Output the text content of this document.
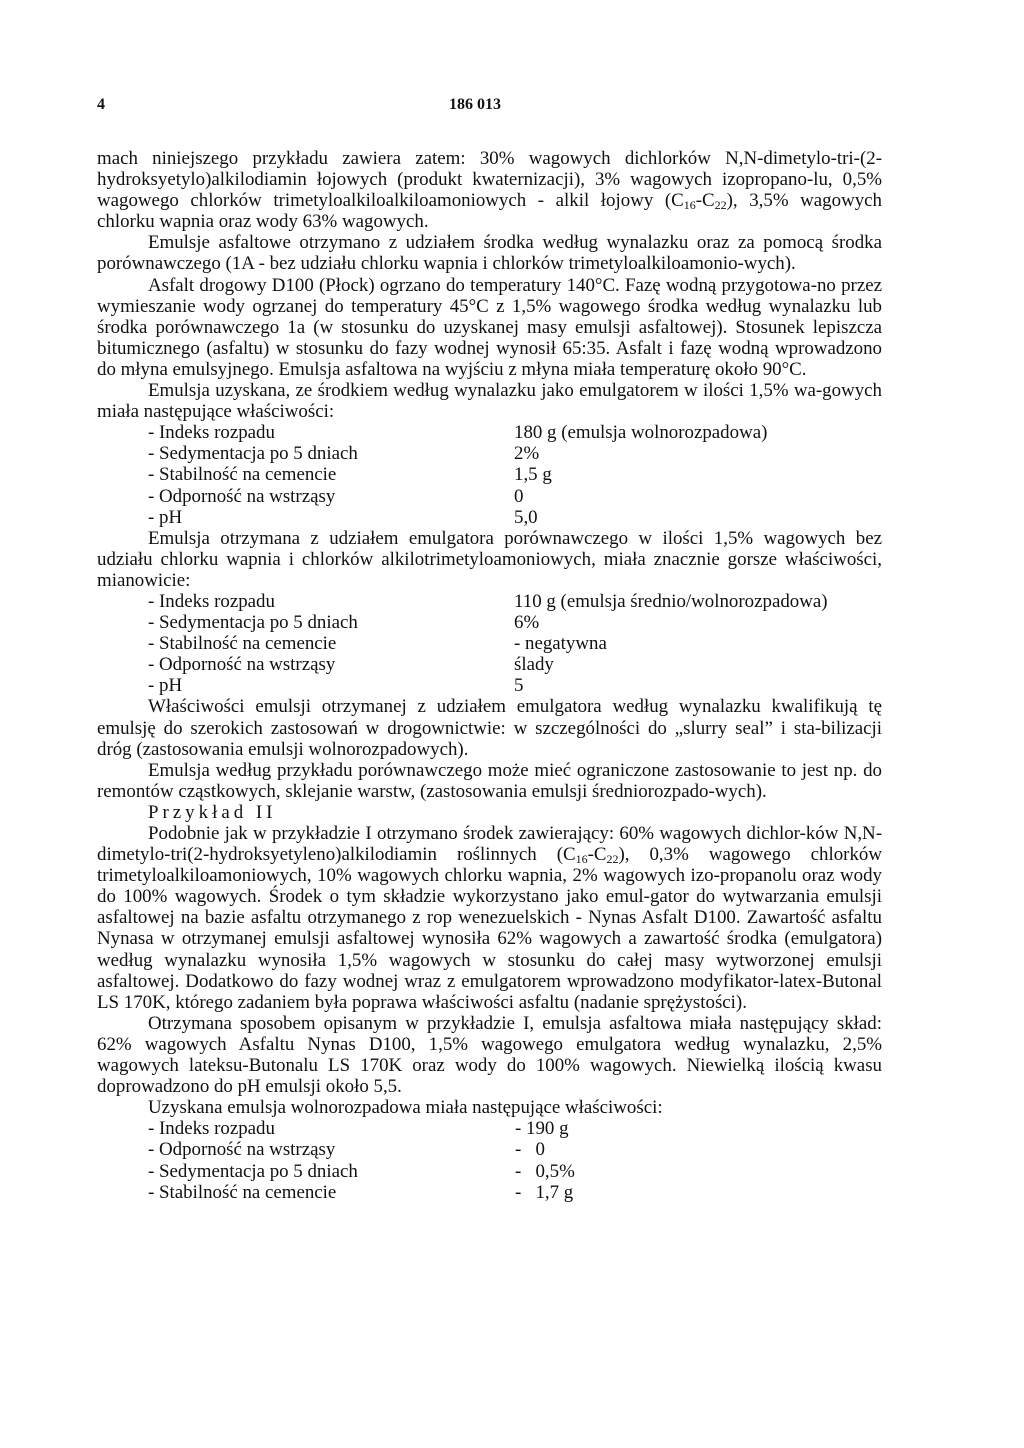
4	186 013

mach niniejszego przykładu zawiera zatem: 30% wagowych dichlorków N,N-dimetylo-tri-(2-hydroksyetylo)alkilodiamin łojowych (produkt kwaternizacji), 3% wagowych izopropano-lu, 0,5% wagowego chlorków trimetyloalkiloalkiloamoniowych - alkil łojowy $(C_{16}-C_{22})$, 3,5% wagowych chlorku wapnia oraz wody 63% wagowych.

Emulsje asfaltowe otrzymano z udziałem środka według wynalazku oraz za pomocą środka porównawczego (1A - bez udziału chlorku wapnia i chlorków trimetyloalkiloamonio-wych).

Asfalt drogowy D100 (Płock) ogrzano do temperatury 140°C. Fazę wodną przygotowa-no przez wymieszanie wody ogrzanej do temperatury 45°C z 1,5% wagowego środka według wynalazku lub środka porównawczego 1a (w stosunku do uzyskanej masy emulsji asfaltowej). Stosunek lepiszcza bitumicznego (asfaltu) w stosunku do fazy wodnej wynosił 65:35. Asfalt i fazę wodną wprowadzono do młyna emulsyjnego. Emulsja asfaltowa na wyjściu z młyna miała temperaturę około 90°C.

Emulsja uzyskana, ze środkiem według wynalazku jako emulgatorem w ilości 1,5% wa-gowych miała następujące właściwości:

- Indeks rozpadu	180 g (emulsja wolnorozpadowa)
- Sedymentacja po 5 dniach	2%
- Stabilność na cemencie	1,5 g
- Odporność na wstrząsy	0
- pH	5,0

Emulsja otrzymana z udziałem emulgatora porównawczego w ilości 1,5% wagowych bez udziału chlorku wapnia i chlorków alkilotrimetyloamoniowych, miała znacznie gorsze właściwości, mianowicie:

- Indeks rozpadu	110 g (emulsja średnio/wolnorozpadowa)
- Sedymentacja po 5 dniach	6%
- Stabilność na cemencie	- negatywna
- Odporność na wstrząsy	ślady
- pH	5

Właściwości emulsji otrzymanej z udziałem emulgatora według wynalazku kwalifikują tę emulsję do szerokich zastosowań w drogownictwie: w szczególności do „slurry seal” i sta-bilizacji dróg (zastosowania emulsji wolnorozpadowych).

Emulsja według przykładu porównawczego może mieć ograniczone zastosowanie to jest np. do remontów cząstkowych, sklejanie warstw, (zastosowania emulsji średniorozpado-wych).

Przykład II

Podobnie jak w przykładzie I otrzymano środek zawierający: 60% wagowych dichlor-ków N,N-dimetylo-tri(2-hydroksyetyleno)alkilodiamin roślinnych $(C_{16}-C_{22})$, 0,3% wagowego chlorków trimetyloalkiloamoniowych, 10% wagowych chlorku wapnia, 2% wagowych izo-propanolu oraz wody do 100% wagowych. Środek o tym składzie wykorzystano jako emul-gator do wytwarzania emulsji asfaltowej na bazie asfaltu otrzymanego z rop wenezuelskich - Nynas Asfalt D100. Zawartość asfaltu Nynasa w otrzymanej emulsji asfaltowej wynosiła 62% wagowych a zawartość środka (emulgatora) według wynalazku wynosiła 1,5% wagowych w stosunku do całej masy wytworzonej emulsji asfaltowej. Dodatkowo do fazy wodnej wraz z emulgatorem wprowadzono modyfikator-latex-Butonal LS 170K, którego zadaniem była poprawa właściwości asfaltu (nadanie sprężystości).

Otrzymana sposobem opisanym w przykładzie I, emulsja asfaltowa miała następujący skład: 62% wagowych Asfaltu Nynas D100, 1,5% wagowego emulgatora według wynalazku, 2,5% wagowych lateksu-Butonalu LS 170K oraz wody do 100% wagowych. Niewielką ilością kwasu doprowadzono do pH emulsji około 5,5.

Uzyskana emulsja wolnorozpadowa miała następujące właściwości:

- Indeks rozpadu	- 190 g
- Odporność na wstrząsy	-   0
- Sedymentacja po 5 dniach	-   0,5%
- Stabilność na cemencie	-   1,7 g
